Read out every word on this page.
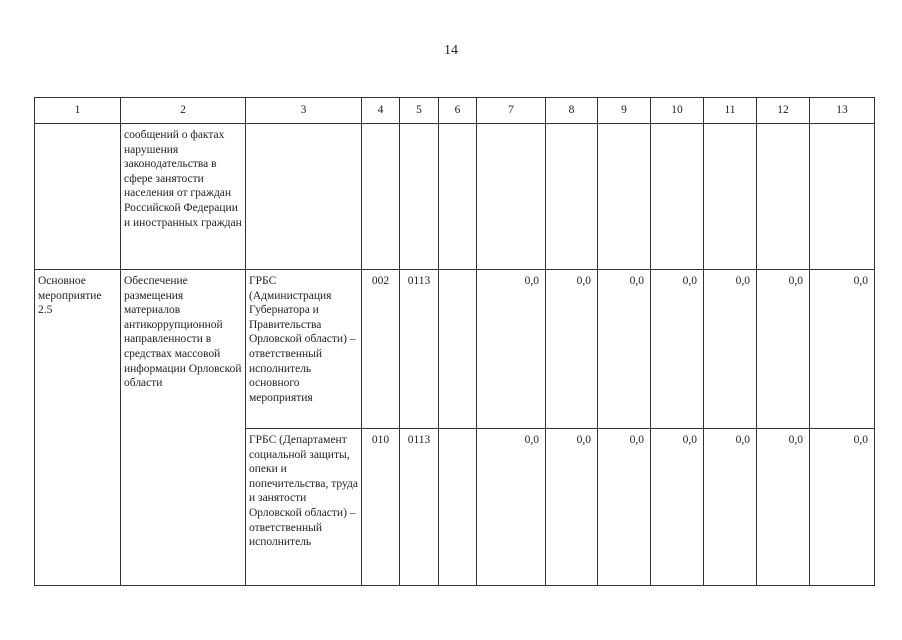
14
1	2	3	4	5	6	7	8	9	10	11	12	13
	сообщений о фактах нарушения законодательства в сфере занятости населения от граждан Российской Федерации и иностранных граждан											
Основное мероприятие 2.5	Обеспечение размещения материалов антикоррупционной направленности в средствах массовой информации Орловской области	ГРБС (Администрация Губернатора и Правительства Орловской области) – ответственный исполнитель основного мероприятия	002	0113		0,0	0,0	0,0	0,0	0,0	0,0	0,0
		ГРБС (Департамент социальной защиты, опеки и попечительства, труда и занятости Орловской области) – ответственный исполнитель	010	0113		0,0	0,0	0,0	0,0	0,0	0,0	0,0
